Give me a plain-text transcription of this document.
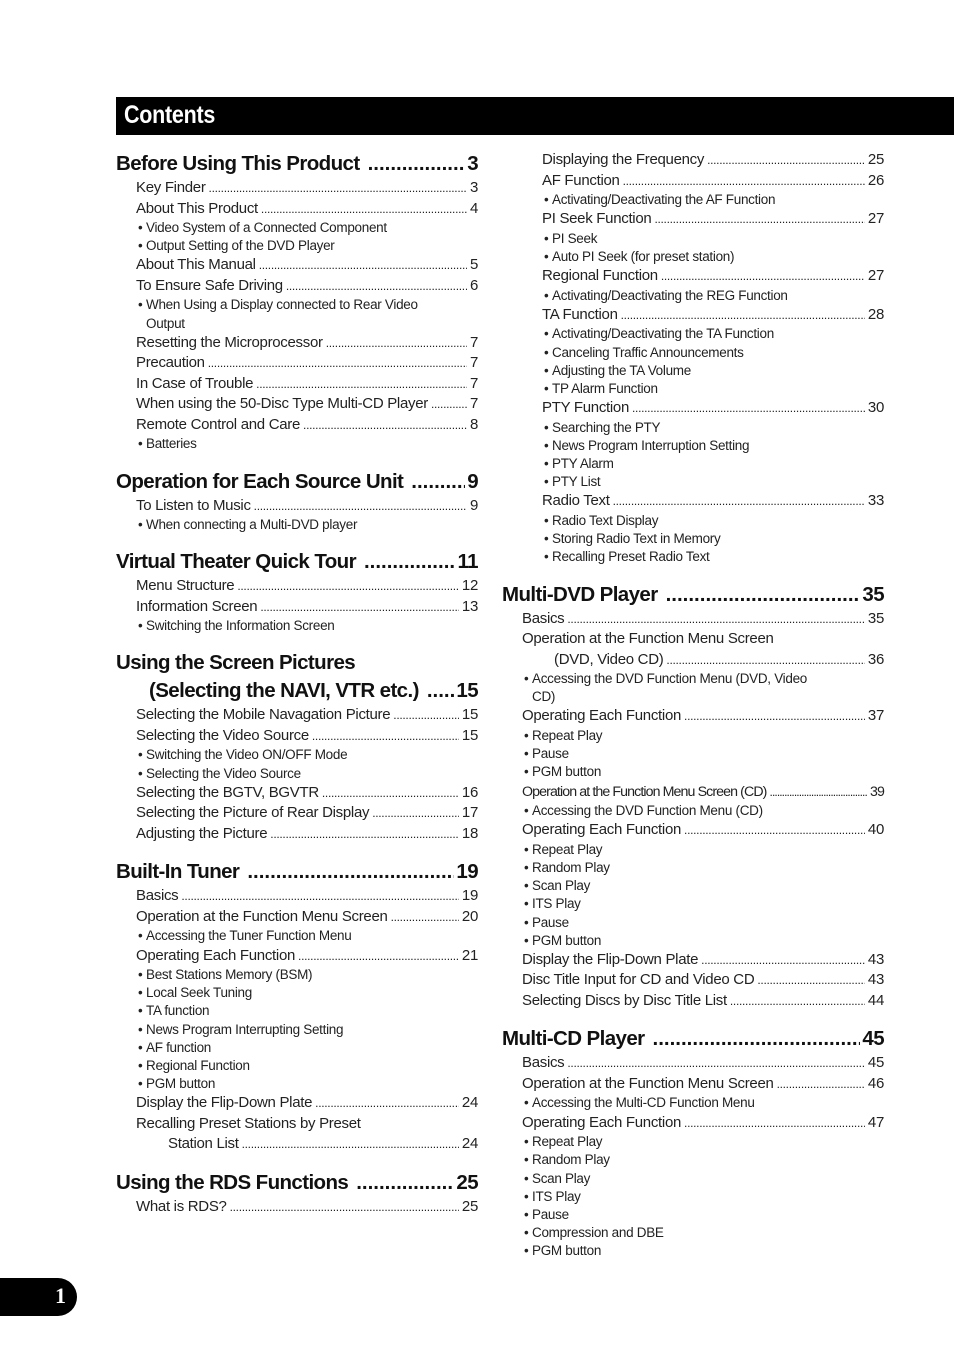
Contents
Before Using This Product .....	3
Key Finder .....	3
About This Product .....	4
• Video System of a Connected Component
• Output Setting of the DVD Player
About This Manual .....	5
To Ensure Safe Driving .....	6
• When Using a Display connected to Rear Video
Output
Resetting the Microprocessor .....	7
Precaution .....	7
In Case of Trouble .....	7
When using the 50-Disc Type Multi-CD Player .....	7
Remote Control and Care .....	8
• Batteries
Operation for Each Source Unit .....	9
To Listen to Music .....	9
• When connecting a Multi-DVD player
Virtual Theater Quick Tour .....	11
Menu Structure .....	12
Information Screen .....	13
• Switching the Information Screen
Using the Screen Pictures
(Selecting the NAVI, VTR etc.) ..... 15
Selecting the Mobile Navagation Picture .....	15
Selecting the Video Source .....	15
• Switching the Video ON/OFF Mode
• Selecting the Video Source
Selecting the BGTV, BGVTR .....	16
Selecting the Picture of Rear Display .....	17
Adjusting the Picture .....	18
Built-In Tuner .....	19
Basics .....	19
Operation at the Function Menu Screen .....	20
• Accessing the Tuner Function Menu
Operating Each Function .....	21
• Best Stations Memory (BSM)
• Local Seek Tuning
• TA function
• News Program Interrupting Setting
• AF function
• Regional Function
• PGM button
Display the Flip-Down Plate .....	24
Recalling Preset Stations by Preset
Station List .....	24
Using the RDS Functions .....	25
What is RDS? .....	25
Displaying the Frequency .....	25
AF Function .....	26
• Activating/Deactivating the AF Function
PI Seek Function .....	27
• PI Seek
• Auto PI Seek (for preset station)
Regional Function .....	27
• Activating/Deactivating the REG Function
TA Function .....	28
• Activating/Deactivating the TA Function
• Canceling Traffic Announcements
• Adjusting the TA Volume
• TP Alarm Function
PTY Function .....	30
• Searching the PTY
• News Program Interruption Setting
• PTY Alarm
• PTY List
Radio Text .....	33
• Radio Text Display
• Storing Radio Text in Memory
• Recalling Preset Radio Text
Multi-DVD Player .....	35
Basics .....	35
Operation at the Function Menu Screen
(DVD, Video CD) .....	36
• Accessing the DVD Function Menu (DVD, Video
CD)
Operating Each Function .....	37
• Repeat Play
• Pause
• PGM button
Operation at the Function Menu Screen (CD) .....	39
• Accessing the DVD Function Menu (CD)
Operating Each Function .....	40
• Repeat Play
• Random Play
• Scan Play
• ITS Play
• Pause
• PGM button
Display the Flip-Down Plate .....	43
Disc Title Input for CD and Video CD .....	43
Selecting Discs by Disc Title List .....	44
Multi-CD Player .....	45
Basics .....	45
Operation at the Function Menu Screen .....	46
• Accessing the Multi-CD Function Menu
Operating Each Function .....	47
• Repeat Play
• Random Play
• Scan Play
• ITS Play
• Pause
• Compression and DBE
• PGM button
1
